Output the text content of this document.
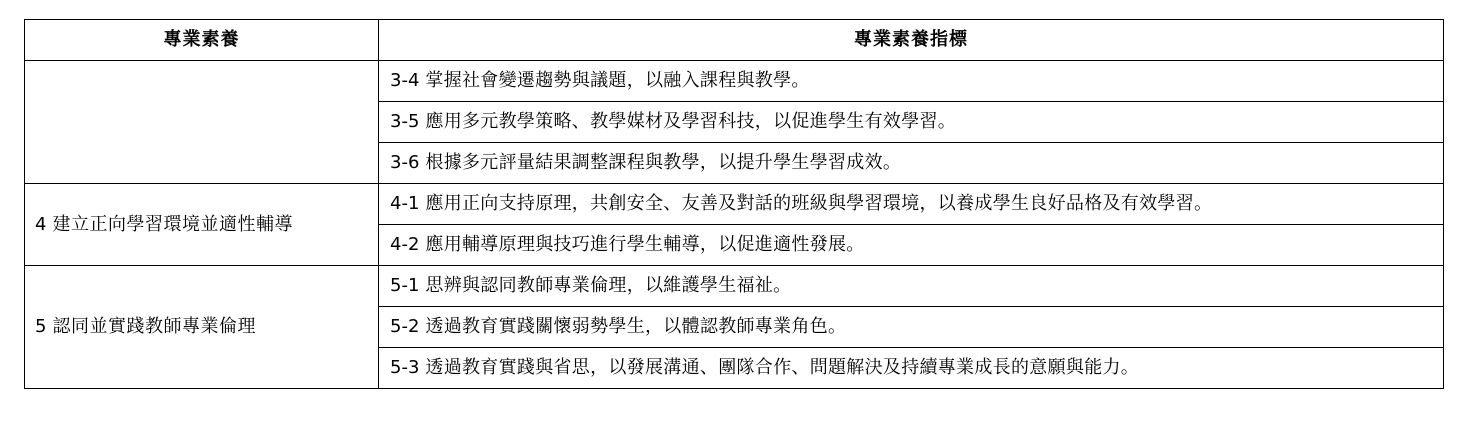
專業素養	專業素養指標
	3-4 掌握社會變遷趨勢與議題，以融入課程與教學。
	3-5 應用多元教學策略、教學媒材及學習科技，以促進學生有效學習。
	3-6 根據多元評量結果調整課程與教學，以提升學生學習成效。
4 建立正向學習環境並適性輔導	4-1 應用正向支持原理，共創安全、友善及對話的班級與學習環境，以養成學生良好品格及有效學習。
	4-2 應用輔導原理與技巧進行學生輔導，以促進適性發展。
5 認同並實踐教師專業倫理	5-1 思辨與認同教師專業倫理，以維護學生福祉。
	5-2 透過教育實踐關懷弱勢學生，以體認教師專業角色。
	5-3 透過教育實踐與省思，以發展溝通、團隊合作、問題解決及持續專業成長的意願與能力。
